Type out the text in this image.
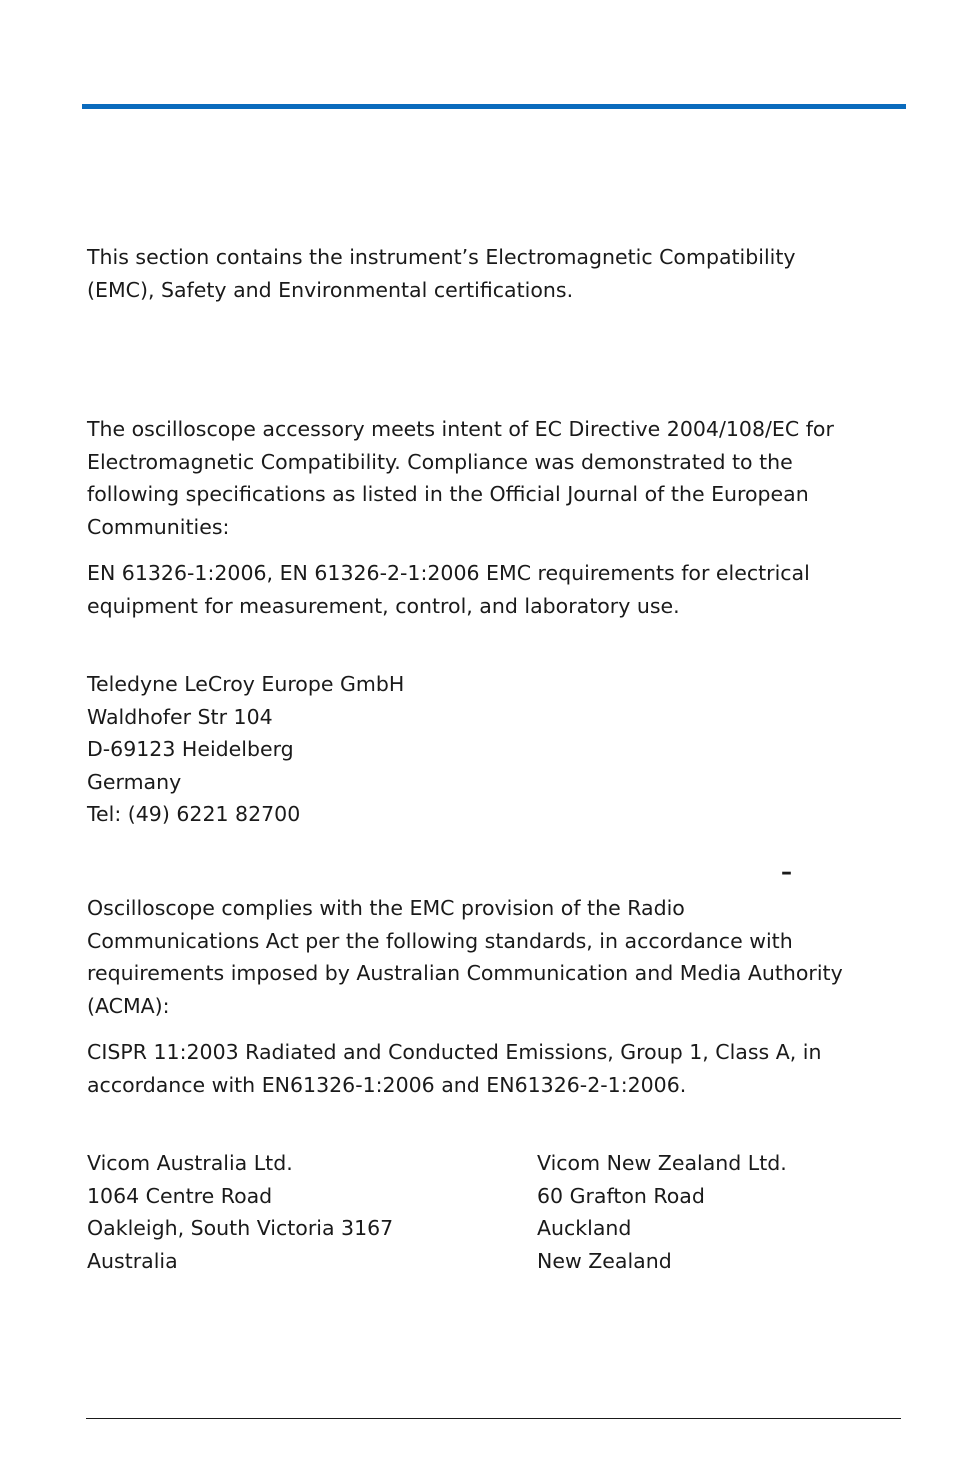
This section contains the instrument’s Electromagnetic Compatibility
(EMC), Safety and Environmental certifications.

The oscilloscope accessory meets intent of EC Directive 2004/108/EC for
Electromagnetic Compatibility. Compliance was demonstrated to the
following specifications as listed in the Official Journal of the European
Communities:

EN 61326-1:2006, EN 61326-2-1:2006 EMC requirements for electrical
equipment for measurement, control, and laboratory use.

Teledyne LeCroy Europe GmbH
Waldhofer Str 104
D-69123 Heidelberg
Germany
Tel: (49) 6221 82700

–

Oscilloscope complies with the EMC provision of the Radio
Communications Act per the following standards, in accordance with
requirements imposed by Australian Communication and Media Authority
(ACMA):

CISPR 11:2003 Radiated and Conducted Emissions, Group 1, Class A, in
accordance with EN61326-1:2006 and EN61326-2-1:2006.

Vicom Australia Ltd.
1064 Centre Road
Oakleigh, South Victoria 3167
Australia

Vicom New Zealand Ltd.
60 Grafton Road
Auckland
New Zealand
